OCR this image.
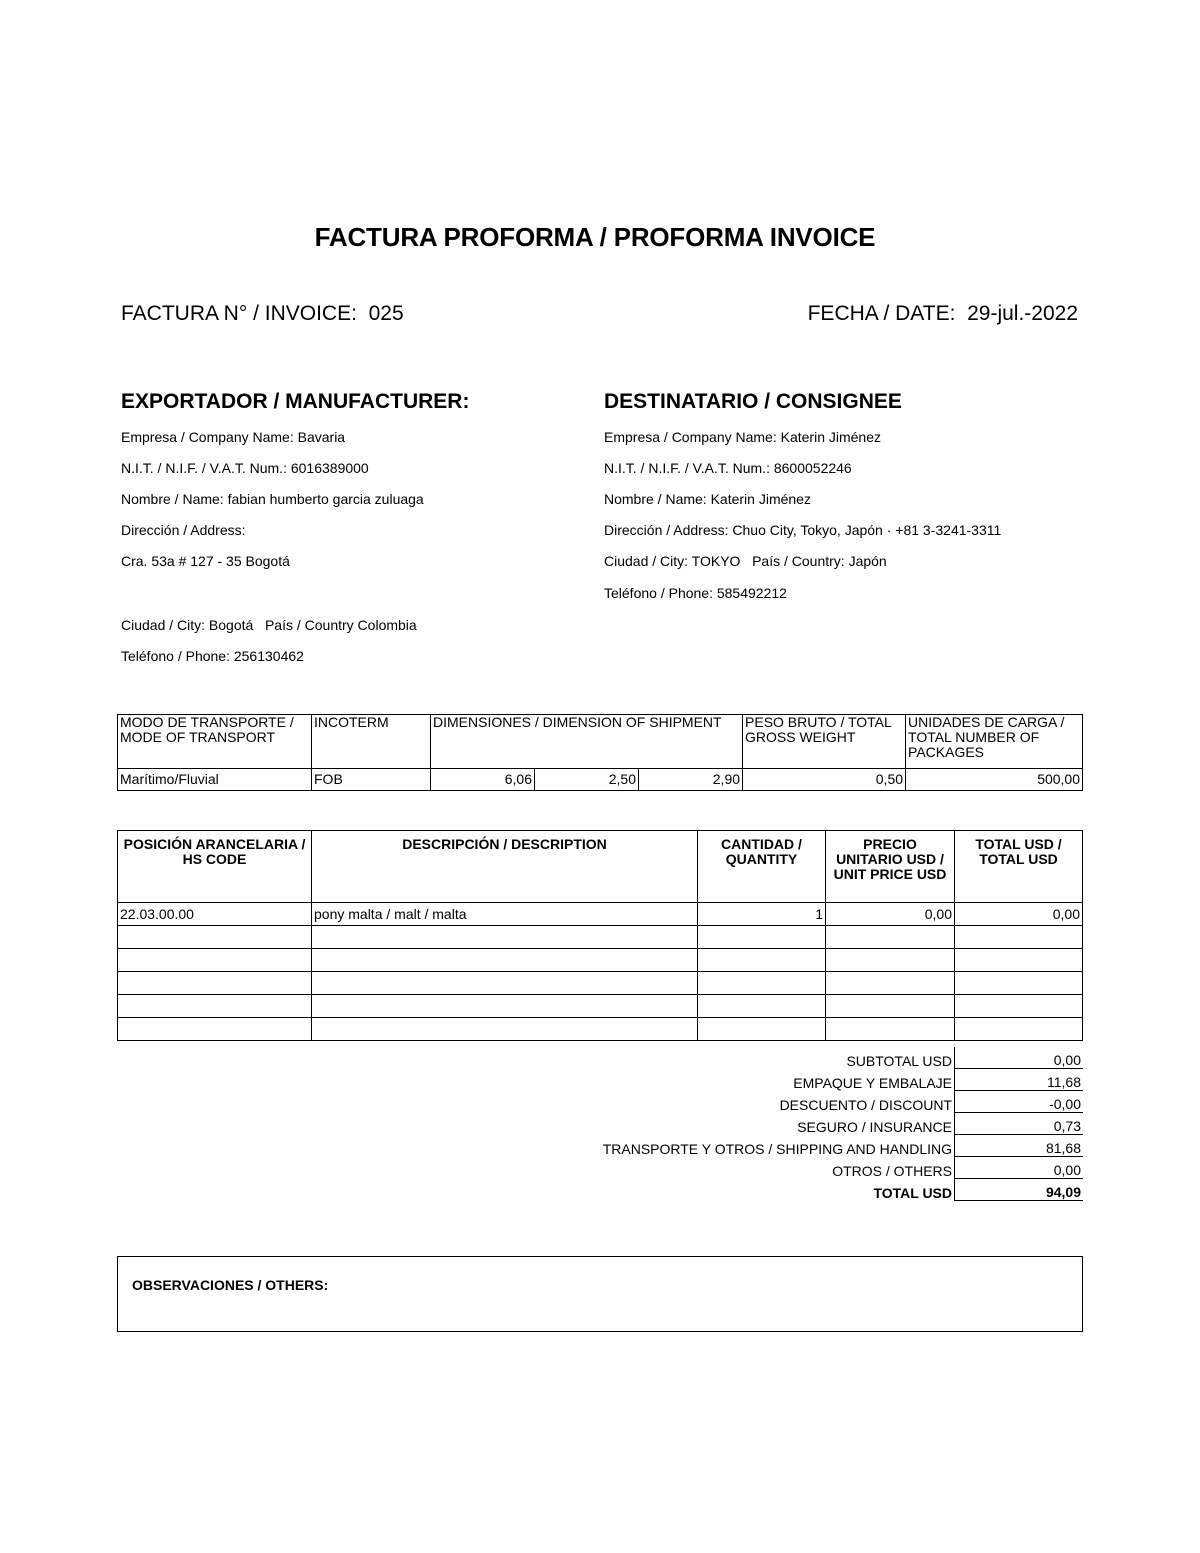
FACTURA PROFORMA / PROFORMA INVOICE
FACTURA N° / INVOICE: 025	FECHA / DATE: 29-jul.-2022
EXPORTADOR / MANUFACTURER:
Empresa / Company Name: Bavaria
N.I.T. / N.I.F. / V.A.T. Num.: 6016389000
Nombre / Name: fabian humberto garcia zuluaga
Dirección / Address:
Cra. 53a # 127 - 35 Bogotá
Ciudad / City: Bogotá   País / Country Colombia
Teléfono / Phone: 256130462
DESTINATARIO / CONSIGNEE
Empresa / Company Name: Katerin Jiménez
N.I.T. / N.I.F. / V.A.T. Num.: 8600052246
Nombre / Name: Katerin Jiménez
Dirección / Address: Chuo City, Tokyo, Japón · +81 3-3241-3311
Ciudad / City: TOKYO   País / Country: Japón
Teléfono / Phone: 585492212
MODO DE TRANSPORTE / MODE OF TRANSPORT	INCOTERM	DIMENSIONES / DIMENSION OF SHIPMENT			PESO BRUTO / TOTAL GROSS WEIGHT	UNIDADES DE CARGA / TOTAL NUMBER OF PACKAGES
Marítimo/Fluvial	FOB	6,06	2,50	2,90	0,50	500,00
POSICIÓN ARANCELARIA / HS CODE	DESCRIPCIÓN / DESCRIPTION	CANTIDAD / QUANTITY	PRECIO UNITARIO USD / UNIT PRICE USD	TOTAL USD / TOTAL USD
22.03.00.00	pony malta / malt / malta	1	0,00	0,00

SUBTOTAL USD	0,00
EMPAQUE Y EMBALAJE	11,68
DESCUENTO / DISCOUNT	-0,00
SEGURO / INSURANCE	0,73
TRANSPORTE Y OTROS / SHIPPING AND HANDLING	81,68
OTROS / OTHERS	0,00
TOTAL USD	94,09
OBSERVACIONES / OTHERS:
